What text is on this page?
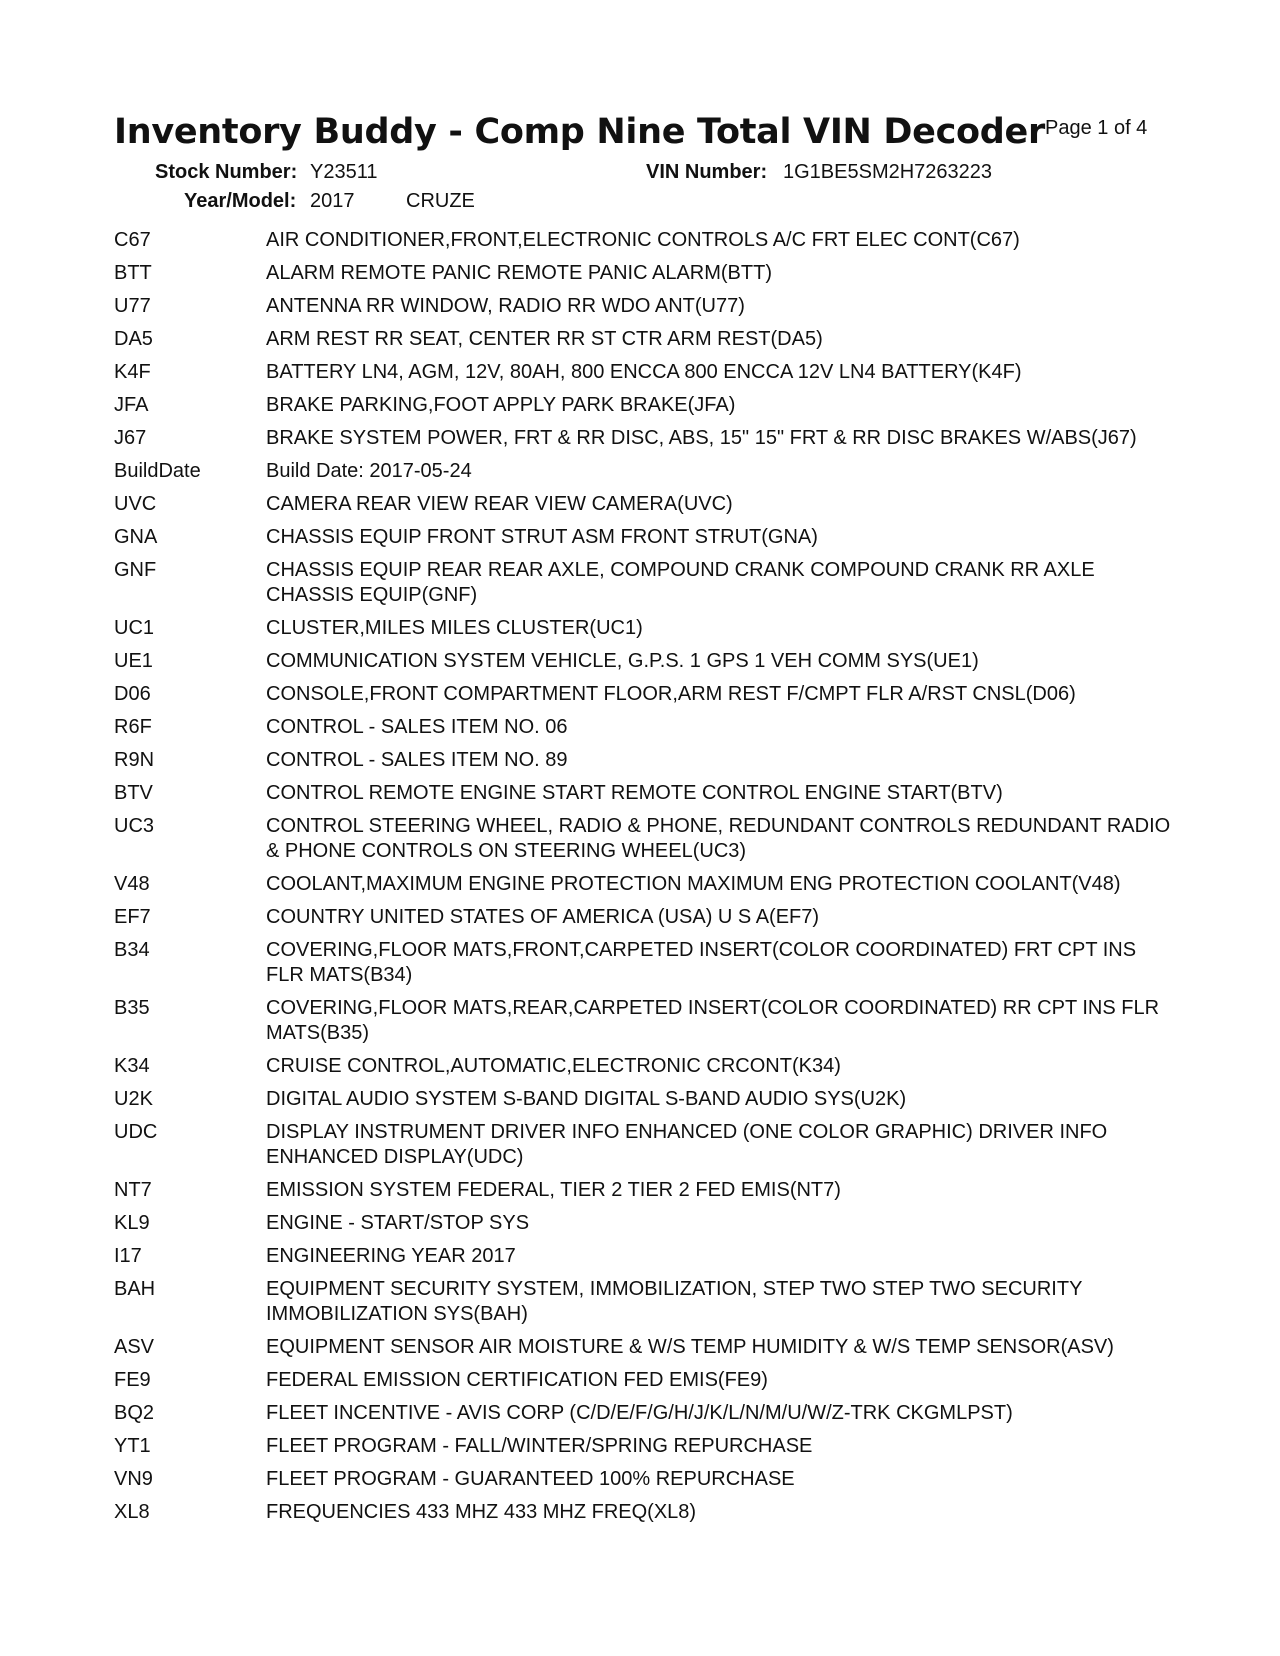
Inventory Buddy - Comp Nine Total VIN Decoder Page 1 of 4
Stock Number: Y23511	VIN Number: 1G1BE5SM2H7263223
Year/Model: 2017	CRUZE
C67	AIR CONDITIONER,FRONT,ELECTRONIC CONTROLS A/C FRT ELEC CONT(C67)
BTT	ALARM REMOTE PANIC REMOTE PANIC ALARM(BTT)
U77	ANTENNA RR WINDOW, RADIO RR WDO ANT(U77)
DA5	ARM REST RR SEAT, CENTER RR ST CTR ARM REST(DA5)
K4F	BATTERY LN4, AGM, 12V, 80AH, 800 ENCCA 800 ENCCA 12V LN4 BATTERY(K4F)
JFA	BRAKE PARKING,FOOT APPLY PARK BRAKE(JFA)
J67	BRAKE SYSTEM POWER, FRT & RR DISC, ABS, 15" 15" FRT & RR DISC BRAKES W/ABS(J67)
BuildDate	Build Date: 2017-05-24
UVC	CAMERA REAR VIEW REAR VIEW CAMERA(UVC)
GNA	CHASSIS EQUIP FRONT STRUT ASM FRONT STRUT(GNA)
GNF	CHASSIS EQUIP REAR REAR AXLE, COMPOUND CRANK COMPOUND CRANK RR AXLE CHASSIS EQUIP(GNF)
UC1	CLUSTER,MILES MILES CLUSTER(UC1)
UE1	COMMUNICATION SYSTEM VEHICLE, G.P.S. 1 GPS 1 VEH COMM SYS(UE1)
D06	CONSOLE,FRONT COMPARTMENT FLOOR,ARM REST F/CMPT FLR A/RST CNSL(D06)
R6F	CONTROL - SALES ITEM NO. 06
R9N	CONTROL - SALES ITEM NO. 89
BTV	CONTROL REMOTE ENGINE START REMOTE CONTROL ENGINE START(BTV)
UC3	CONTROL STEERING WHEEL, RADIO & PHONE, REDUNDANT CONTROLS REDUNDANT RADIO & PHONE CONTROLS ON STEERING WHEEL(UC3)
V48	COOLANT,MAXIMUM ENGINE PROTECTION MAXIMUM ENG PROTECTION COOLANT(V48)
EF7	COUNTRY UNITED STATES OF AMERICA (USA) U S A(EF7)
B34	COVERING,FLOOR MATS,FRONT,CARPETED INSERT(COLOR COORDINATED) FRT CPT INS FLR MATS(B34)
B35	COVERING,FLOOR MATS,REAR,CARPETED INSERT(COLOR COORDINATED) RR CPT INS FLR MATS(B35)
K34	CRUISE CONTROL,AUTOMATIC,ELECTRONIC CRCONT(K34)
U2K	DIGITAL AUDIO SYSTEM S-BAND DIGITAL S-BAND AUDIO SYS(U2K)
UDC	DISPLAY INSTRUMENT DRIVER INFO ENHANCED (ONE COLOR GRAPHIC) DRIVER INFO ENHANCED DISPLAY(UDC)
NT7	EMISSION SYSTEM FEDERAL, TIER 2 TIER 2 FED EMIS(NT7)
KL9	ENGINE - START/STOP SYS
I17	ENGINEERING YEAR 2017
BAH	EQUIPMENT SECURITY SYSTEM, IMMOBILIZATION, STEP TWO STEP TWO SECURITY IMMOBILIZATION SYS(BAH)
ASV	EQUIPMENT SENSOR AIR MOISTURE & W/S TEMP HUMIDITY & W/S TEMP SENSOR(ASV)
FE9	FEDERAL EMISSION CERTIFICATION FED EMIS(FE9)
BQ2	FLEET INCENTIVE - AVIS CORP (C/D/E/F/G/H/J/K/L/N/M/U/W/Z-TRK CKGMLPST)
YT1	FLEET PROGRAM - FALL/WINTER/SPRING REPURCHASE
VN9	FLEET PROGRAM - GUARANTEED 100% REPURCHASE
XL8	FREQUENCIES 433 MHZ 433 MHZ FREQ(XL8)
